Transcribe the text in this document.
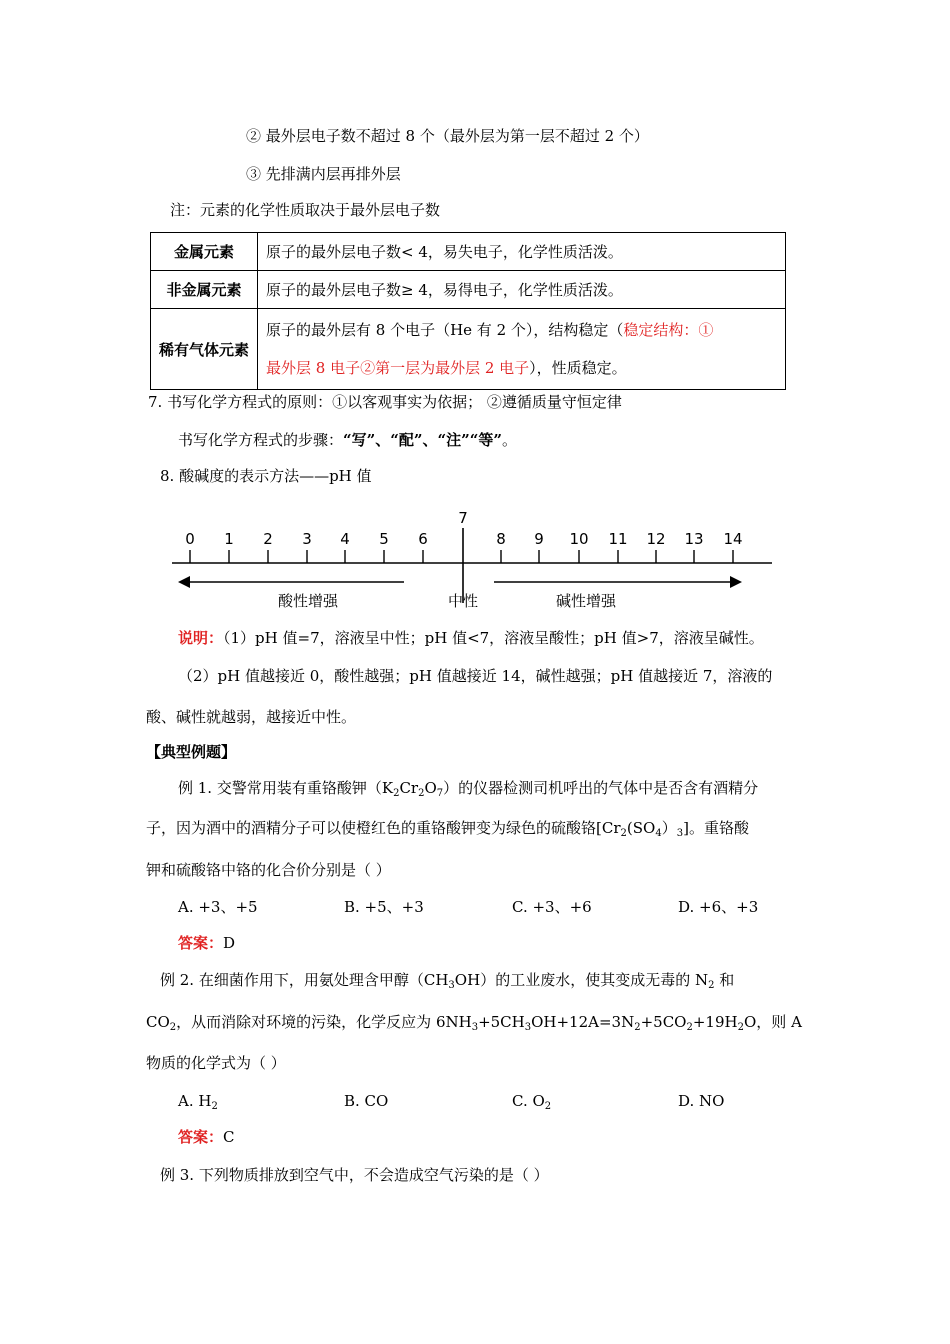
② 最外层电子数不超过 8 个（最外层为第一层不超过 2 个）
③ 先排满内层再排外层
注：元素的化学性质取决于最外层电子数
金属元素	原子的最外层电子数< 4，易失电子，化学性质活泼。
非金属元素	原子的最外层电子数≥ 4，易得电子，化学性质活泼。
稀有气体元素	原子的最外层有 8 个电子（He 有 2 个），结构稳定（稳定结构：①
最外层 8 电子②第一层为最外层 2 电子），性质稳定。
7. 书写化学方程式的原则：①以客观事实为依据； ②遵循质量守恒定律
书写化学方程式的步骤：“写”、“配”、“注”“等”。
8. 酸碱度的表示方法——pH 值
0 1 2 3 4 5 6
7
8 9 10 11 12 13 14
酸性增强	中性	碱性增强
说明：（1）pH 值=7，溶液呈中性；pH 值<7，溶液呈酸性；pH 值>7，溶液呈碱性。
（2）pH 值越接近 0，酸性越强；pH 值越接近 14，碱性越强；pH 值越接近 7，溶液的
酸、碱性就越弱，越接近中性。
【典型例题】
例 1. 交警常用装有重铬酸钾$(K_2Cr_2O_7)$的仪器检测司机呼出的气体中是否含有酒精分
子，因为酒中的酒精分子可以使橙红色的重铬酸钾变为绿色的硫酸铬$[Cr_2(SO_4)_3]$。重铬酸
钾和硫酸铬中铬的化合价分别是（ ）
A. +3、+5	B. +5、+3	C. +3、+6	D. +6、+3
答案：D
例 2. 在细菌作用下，用氨处理含甲醇$(CH_3OH)$的工业废水，使其变成无毒的 $N_2$ 和
$CO_2$，从而消除对环境的污染，化学反应为 $6NH_3+5CH_3OH+12A=3N_2+5CO_2+19H_2O$，则 A
物质的化学式为（ ）
A. $H_2$	B. CO	C. $O_2$	D. NO
答案：C
例 3. 下列物质排放到空气中，不会造成空气污染的是（ ）
